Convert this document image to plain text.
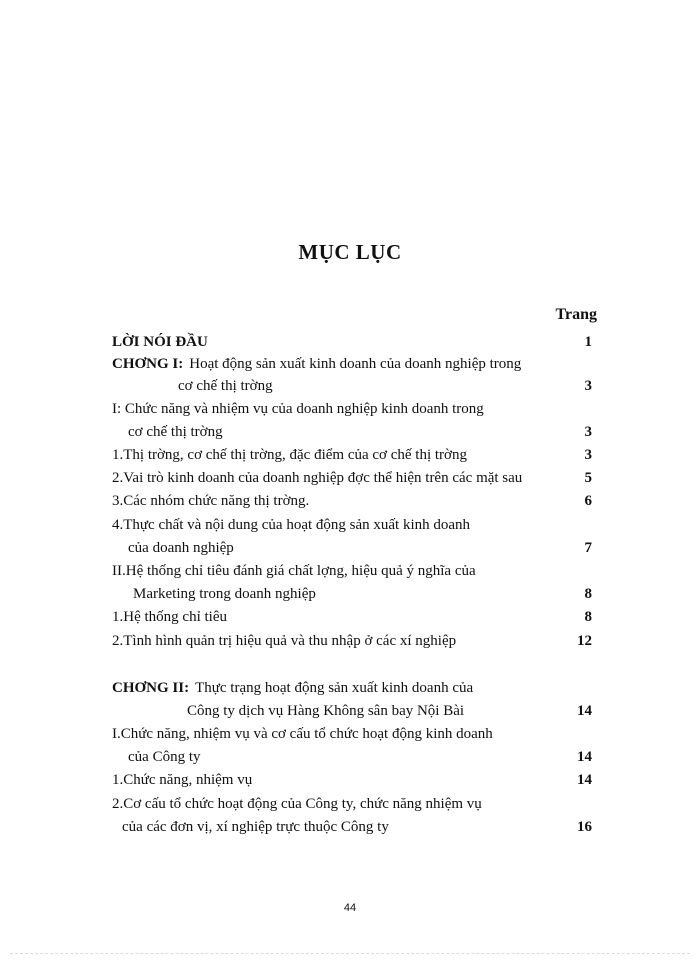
MỤC LỤC
Trang
LỜI NÓI ĐẦU	1
CHƠNG I: Hoạt động sản xuất kinh doanh của doanh nghiệp trong
cơ chế thị trờng	3
I: Chức năng và nhiệm vụ của doanh nghiệp kinh doanh trong
cơ chế thị trờng	3
1.Thị trờng, cơ chế thị trờng, đặc điểm của cơ chế thị trờng	3
2.Vai trò kinh doanh của doanh nghiệp đợc thể hiện trên các mặt sau	5
3.Các nhóm chức năng thị trờng.	6
4.Thực chất và nội dung của hoạt động sản xuất kinh doanh
của doanh nghiệp	7
II.Hệ thống chỉ tiêu đánh giá chất lợng, hiệu quả ý nghĩa của
Marketing trong doanh nghiệp	8
1.Hệ thống chỉ tiêu	8
2.Tình hình quản trị hiệu quả và thu nhập ở các xí nghiệp	12
CHƠNG II: Thực trạng hoạt động sản xuất kinh doanh của
Công ty dịch vụ Hàng Không sân bay Nội Bài	14
I.Chức năng, nhiệm vụ và cơ cấu tổ chức hoạt động kinh doanh
của Công ty	14
1.Chức năng, nhiệm vụ	14
2.Cơ cấu tổ chức hoạt động của Công ty, chức năng nhiệm vụ
của các đơn vị, xí nghiệp trực thuộc Công ty	16
44
